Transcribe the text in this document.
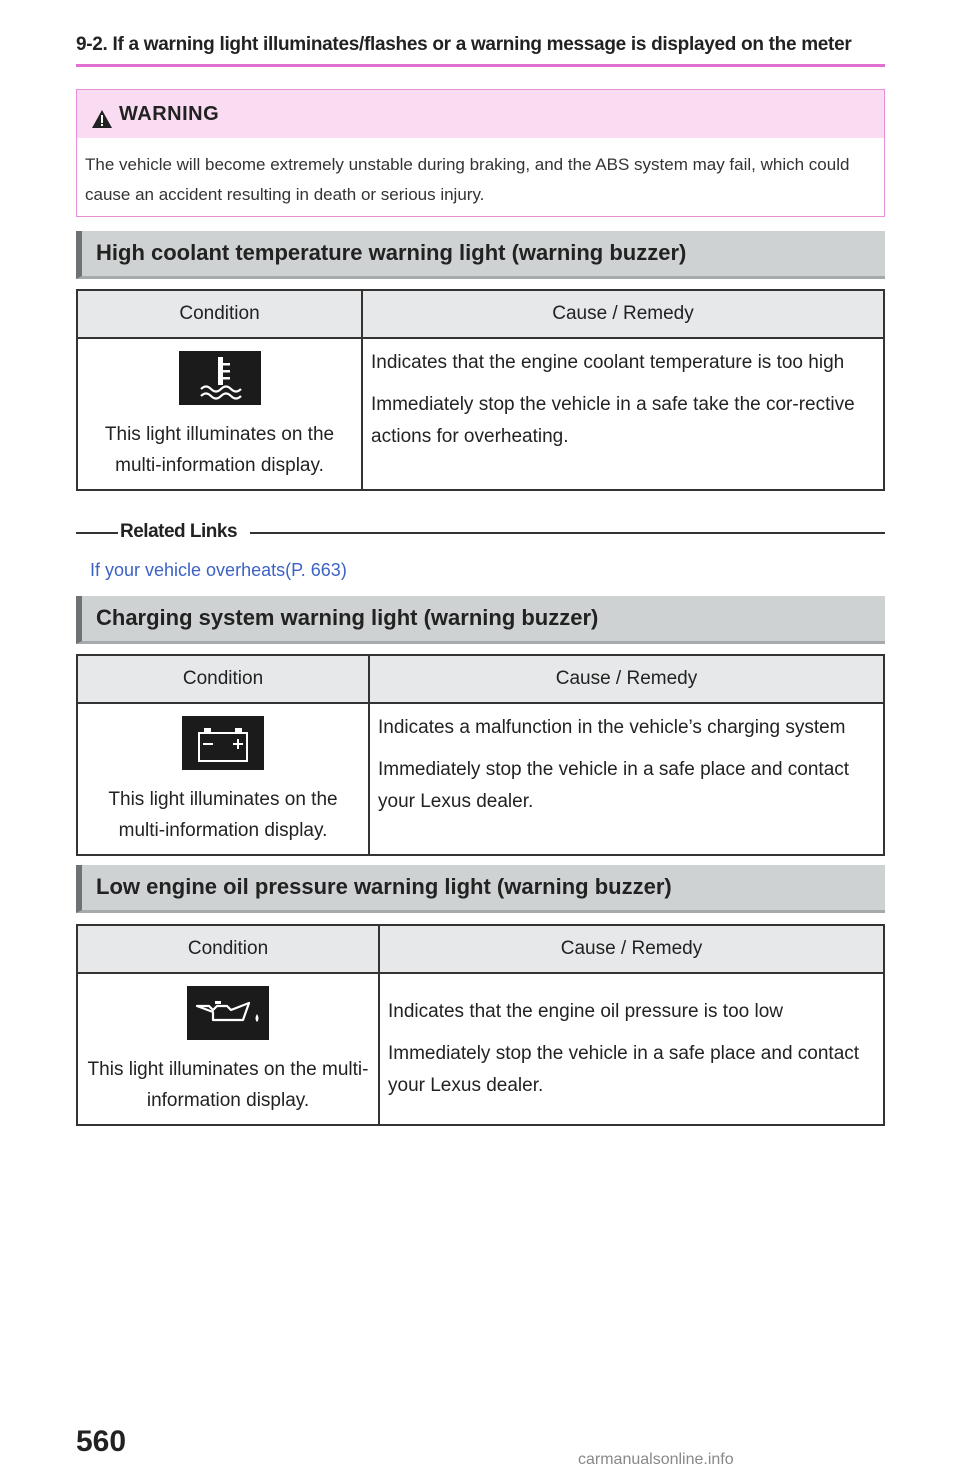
9-2. If a warning light illuminates/flashes or a warning message is displayed on the meter
WARNING
The vehicle will become extremely unstable during braking, and the ABS system may fail, which could cause an accident resulting in death or serious injury.
High coolant temperature warning light (warning buzzer)
Condition	Cause / Remedy

This light illuminates on the multi-information display.	Indicates that the engine coolant temperature is too high

Immediately stop the vehicle in a safe take the cor-rective actions for overheating.

Related Links
If your vehicle overheats(P. 663)
Charging system warning light (warning buzzer)
Condition	Cause / Remedy

This light illuminates on the multi-information display.	Indicates a malfunction in the vehicle’s charging system

Immediately stop the vehicle in a safe place and contact your Lexus dealer.

Low engine oil pressure warning light (warning buzzer)
Condition	Cause / Remedy

This light illuminates on the multi-information display.	Indicates that the engine oil pressure is too low

Immediately stop the vehicle in a safe place and contact your Lexus dealer.

560
carmanualsonline.info
